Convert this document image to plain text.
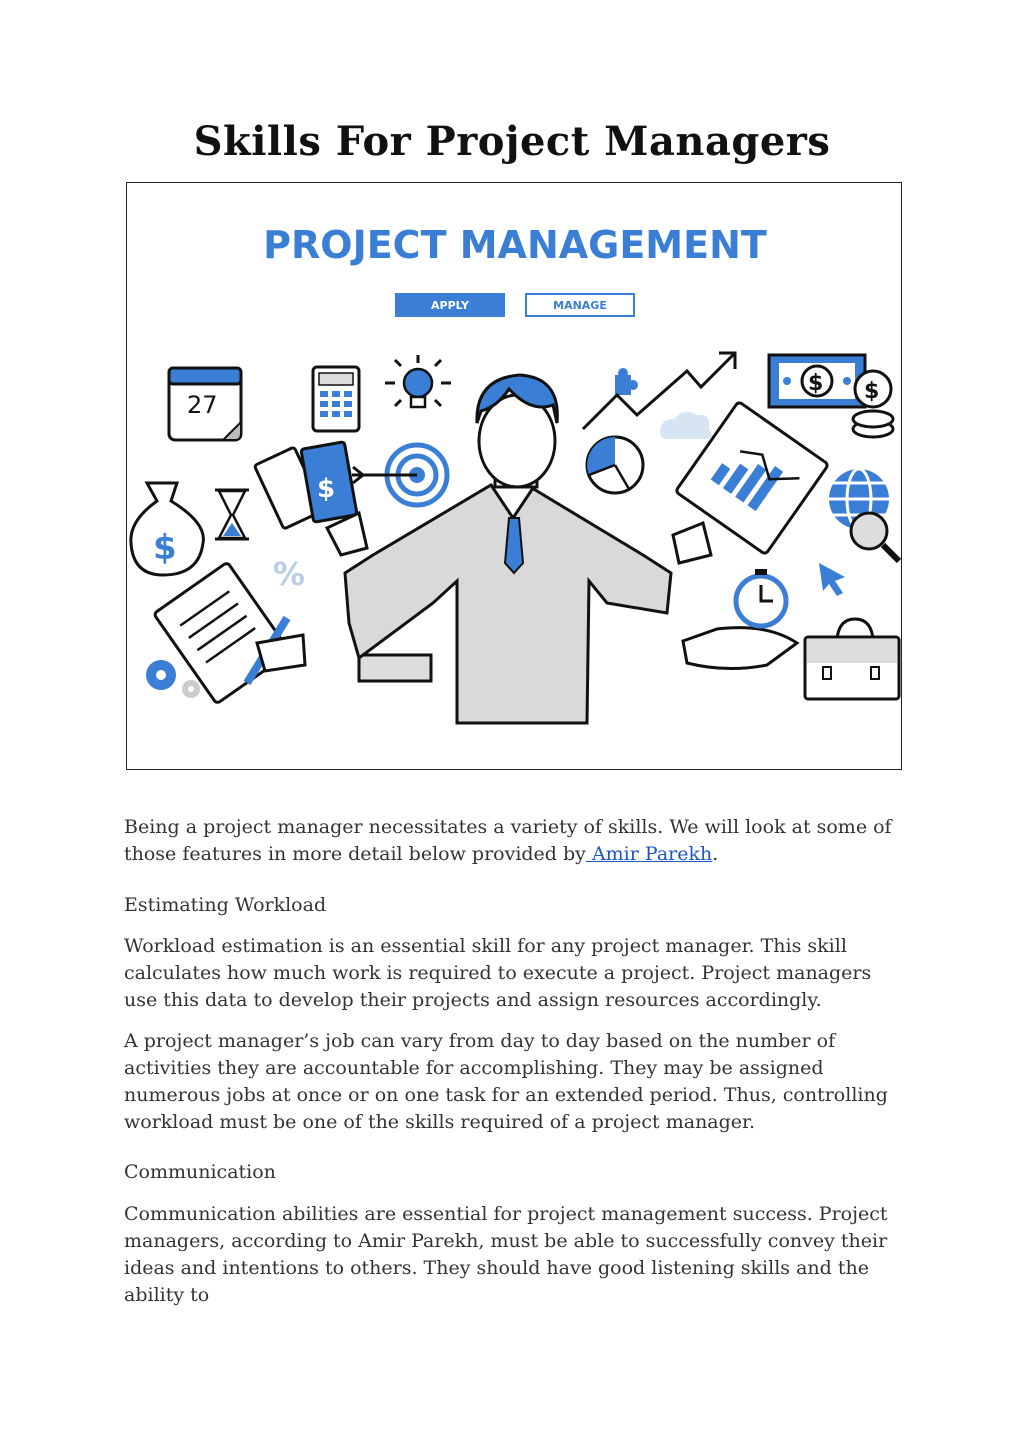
Skills For Project Managers
$
%
$
$ $
PROJECT MANAGEMENT
APPLY	MANAGE
27

Being a project manager necessitates a variety of skills. We will look at some of those features in more detail below provided by Amir Parekh.

Estimating Workload

Workload estimation is an essential skill for any project manager. This skill calculates how much work is required to execute a project. Project managers use this data to develop their projects and assign resources accordingly.

A project manager’s job can vary from day to day based on the number of activities they are accountable for accomplishing. They may be assigned numerous jobs at once or on one task for an extended period. Thus, controlling workload must be one of the skills required of a project manager.

Communication

Communication abilities are essential for project management success. Project managers, according to Amir Parekh, must be able to successfully convey their ideas and intentions to others. They should have good listening skills and the ability to
